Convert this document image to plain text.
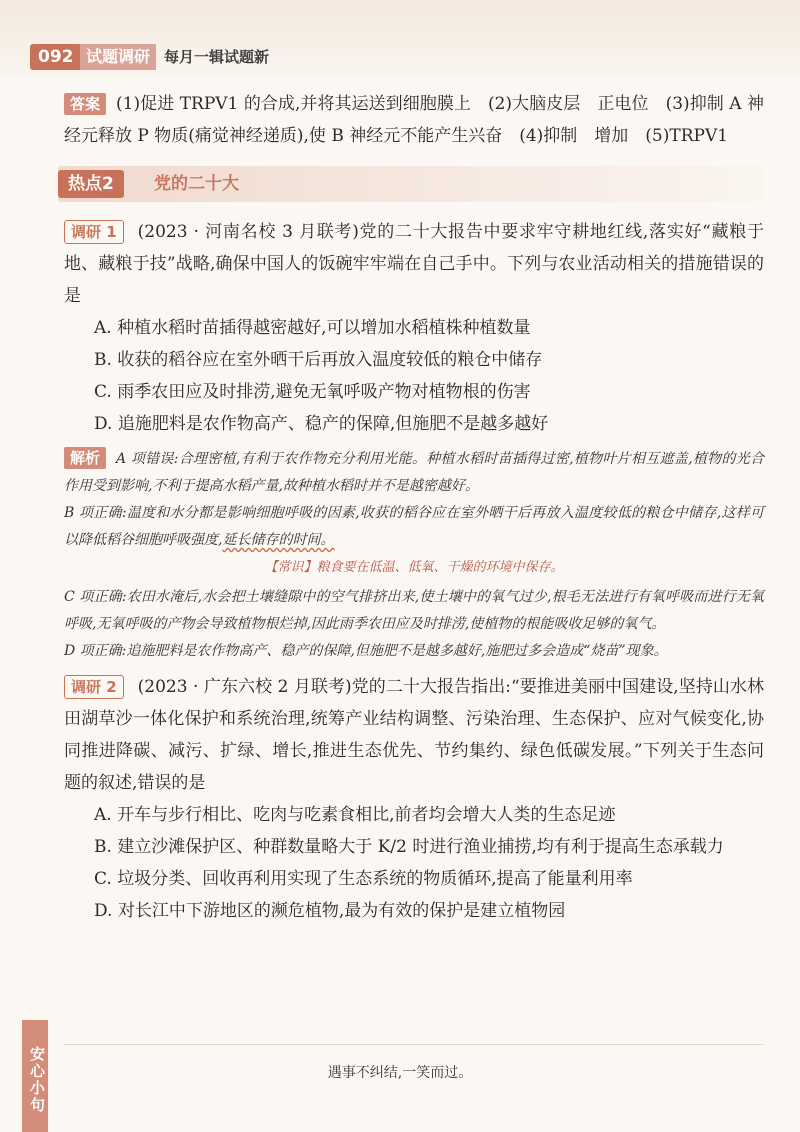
092 试题调研 每月一辑试题新

答案 (1)促进 TRPV1 的合成,并将其运送到细胞膜上　(2)大脑皮层　正电位　(3)抑制 A 神经元释放 P 物质(痛觉神经递质),使 B 神经元不能产生兴奋　(4)抑制　增加　(5)TRPV1

热点2	党的二十大

调研 1 (2023 · 河南名校 3 月联考)党的二十大报告中要求牢守耕地红线,落实好“藏粮于地、藏粮于技”战略,确保中国人的饭碗牢牢端在自己手中。下列与农业活动相关的措施错误的是

A. 种植水稻时苗插得越密越好,可以增加水稻植株种植数量

B. 收获的稻谷应在室外晒干后再放入温度较低的粮仓中储存

C. 雨季农田应及时排涝,避免无氧呼吸产物对植物根的伤害

D. 追施肥料是农作物高产、稳产的保障,但施肥不是越多越好

解析 A 项错误:合理密植,有利于农作物充分利用光能。种植水稻时苗插得过密,植物叶片相互遮盖,植物的光合作用受到影响,不利于提高水稻产量,故种植水稻时并不是越密越好。

B 项正确:温度和水分都是影响细胞呼吸的因素,收获的稻谷应在室外晒干后再放入温度较低的粮仓中储存,这样可以降低稻谷细胞呼吸强度,延长储存的时间。

【常识】粮食要在低温、低氧、干燥的环境中保存。

C 项正确:农田水淹后,水会把土壤缝隙中的空气排挤出来,使土壤中的氧气过少,根毛无法进行有氧呼吸而进行无氧呼吸,无氧呼吸的产物会导致植物根烂掉,因此雨季农田应及时排涝,使植物的根能吸收足够的氧气。

D 项正确:追施肥料是农作物高产、稳产的保障,但施肥不是越多越好,施肥过多会造成“烧苗”现象。

调研 2 (2023 · 广东六校 2 月联考)党的二十大报告指出:“要推进美丽中国建设,坚持山水林田湖草沙一体化保护和系统治理,统筹产业结构调整、污染治理、生态保护、应对气候变化,协同推进降碳、减污、扩绿、增长,推进生态优先、节约集约、绿色低碳发展。”下列关于生态问题的叙述,错误的是

A. 开车与步行相比、吃肉与吃素食相比,前者均会增大人类的生态足迹

B. 建立沙滩保护区、种群数量略大于 K/2 时进行渔业捕捞,均有利于提高生态承载力

C. 垃圾分类、回收再利用实现了生态系统的物质循环,提高了能量利用率

D. 对长江中下游地区的濒危植物,最为有效的保护是建立植物园

安心小句	遇事不纠结,一笑而过。
